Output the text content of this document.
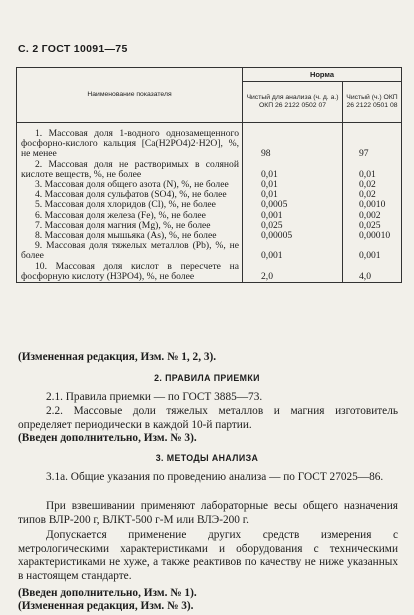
С. 2 ГОСТ 10091—75
Наименование показателя	Норма	
	Чистый для анализа (ч. д. а.) ОКП 26 2122 0502 07	Чистый (ч.) ОКП 26 2122 0501 08
1. Массовая доля 1-водного однозамещенного фосфорно-кислого кальция [Ca(H2PO4)2·H2O], %, не менее	98	97
2. Массовая доля не растворимых в соляной кислоте веществ, %, не более	0,01	0,01
3. Массовая доля общего азота (N), %, не более	0,01	0,02
4. Массовая доля сульфатов (SO4), %, не более	0,01	0,02
5. Массовая доля хлоридов (Cl), %, не более	0,0005	0,0010
6. Массовая доля железа (Fe), %, не более	0,001	0,002
7. Массовая доля магния (Mg), %, не более	0,025	0,025
8. Массовая доля мышьяка (As), %, не более	0,00005	0,00010
9. Массовая доля тяжелых металлов (Pb), %, не более	0,001	0,001
10. Массовая доля кислот в пересчете на фосфорную кислоту (H3PO4), %, не более	2,0	4,0
(Измененная редакция, Изм. № 1, 2, 3).
2. ПРАВИЛА ПРИЕМКИ
2.1. Правила приемки — по ГОСТ 3885—73.
2.2. Массовые доли тяжелых металлов и магния изготовитель определяет периодически в каждой 10-й партии.
(Введен дополнительно, Изм. № 3).
3. МЕТОДЫ АНАЛИЗА
3.1а. Общие указания по проведению анализа — по ГОСТ 27025—86.
При взвешивании применяют лабораторные весы общего назначения типов ВЛР-200 г, ВЛКТ-500 г-М или ВЛЭ-200 г.
Допускается применение других средств измерения с метрологическими характеристиками и оборудования с техническими характеристиками не хуже, а также реактивов по качеству не ниже указанных в настоящем стандарте.
(Введен дополнительно, Изм. № 1).
(Измененная редакция, Изм. № 3).
